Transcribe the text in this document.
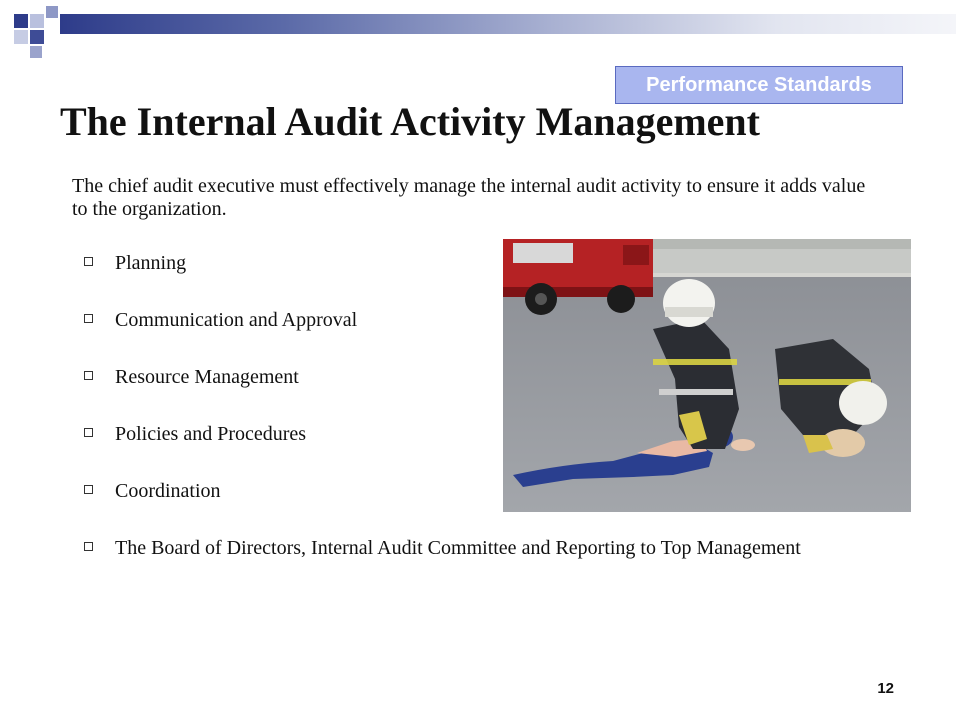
Performance Standards
The Internal Audit Activity Management

The chief audit executive must effectively manage the internal audit activity to ensure it adds value to the organization.

Planning
Communication and Approval
Resource Management
Policies and Procedures
Coordination
The Board of Directors, Internal Audit Committee and Reporting to Top Management
12
